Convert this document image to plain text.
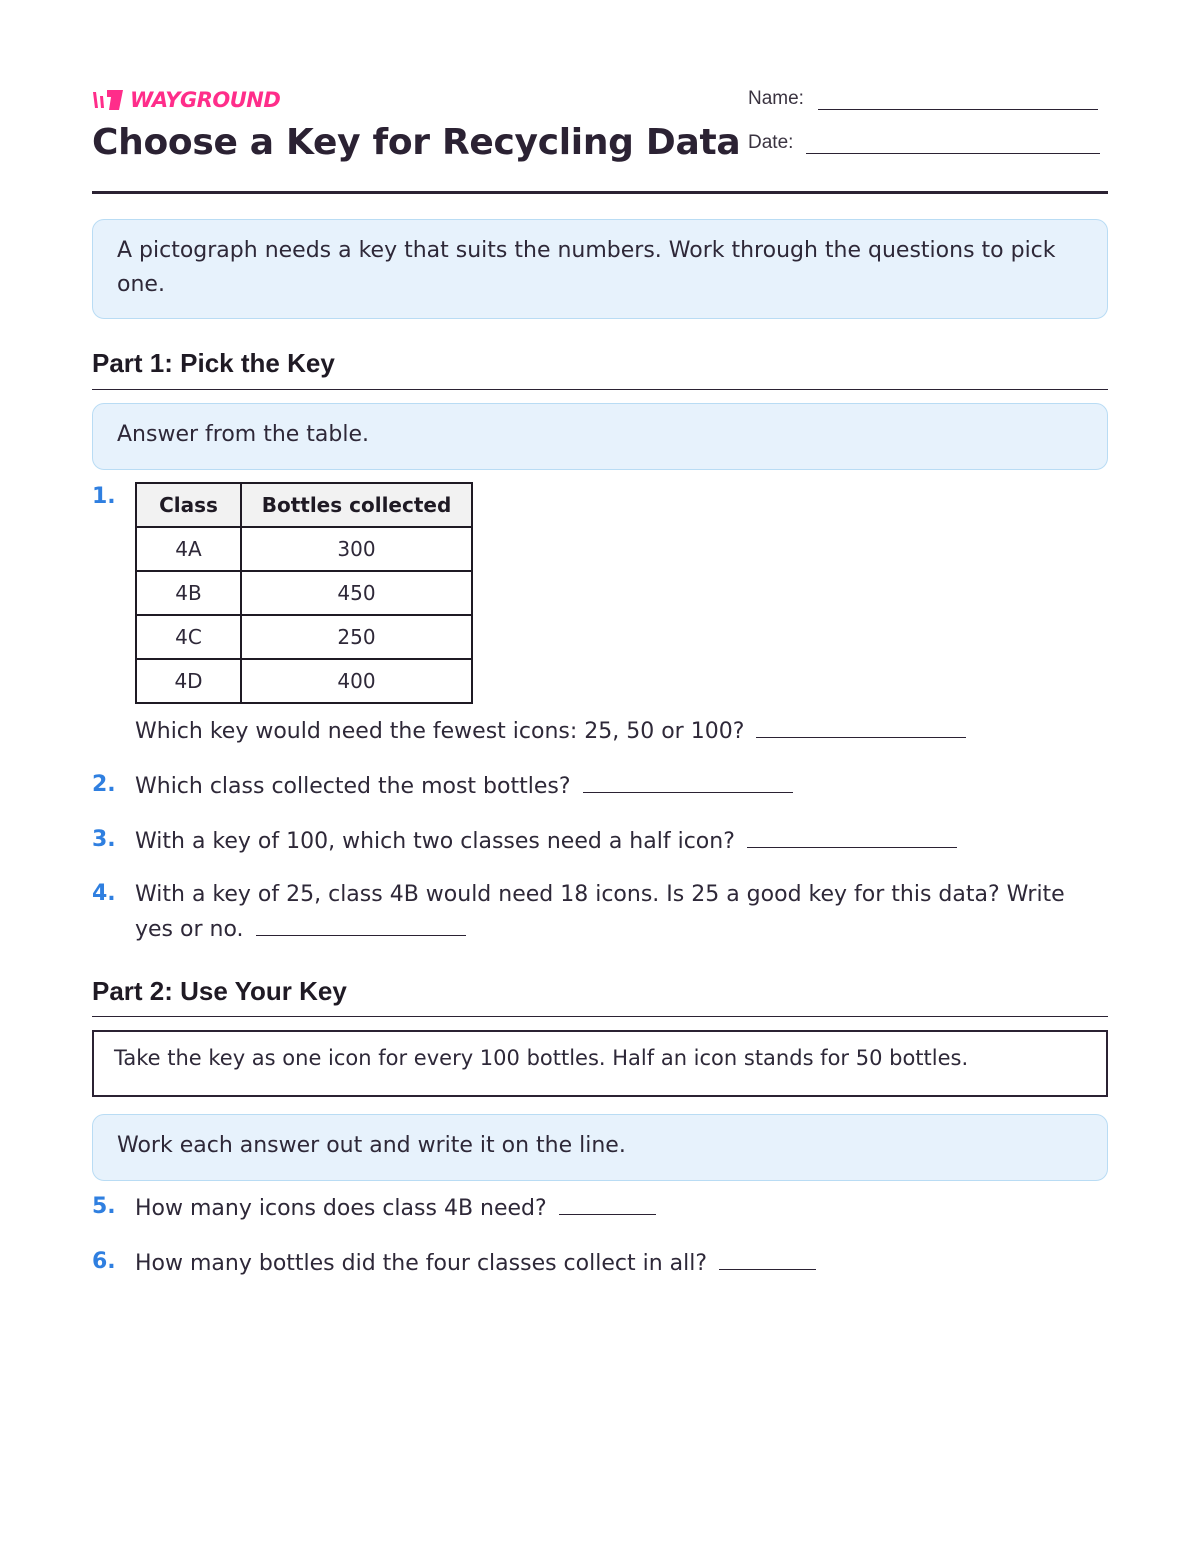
WAYGROUND
Choose a Key for Recycling Data
Name:
Date:
A pictograph needs a key that suits the numbers. Work through the questions to pick one.
Part 1: Pick the Key
Answer from the table.
1. Class	Bottles collected
4A	300
4B	450
4C	250
4D	400
Which key would need the fewest icons: 25, 50 or 100?
2. Which class collected the most bottles?
3. With a key of 100, which two classes need a half icon?
4. With a key of 25, class 4B would need 18 icons. Is 25 a good key for this data? Write yes or no.
Part 2: Use Your Key
Take the key as one icon for every 100 bottles. Half an icon stands for 50 bottles.
Work each answer out and write it on the line.
5. How many icons does class 4B need?
6. How many bottles did the four classes collect in all?
